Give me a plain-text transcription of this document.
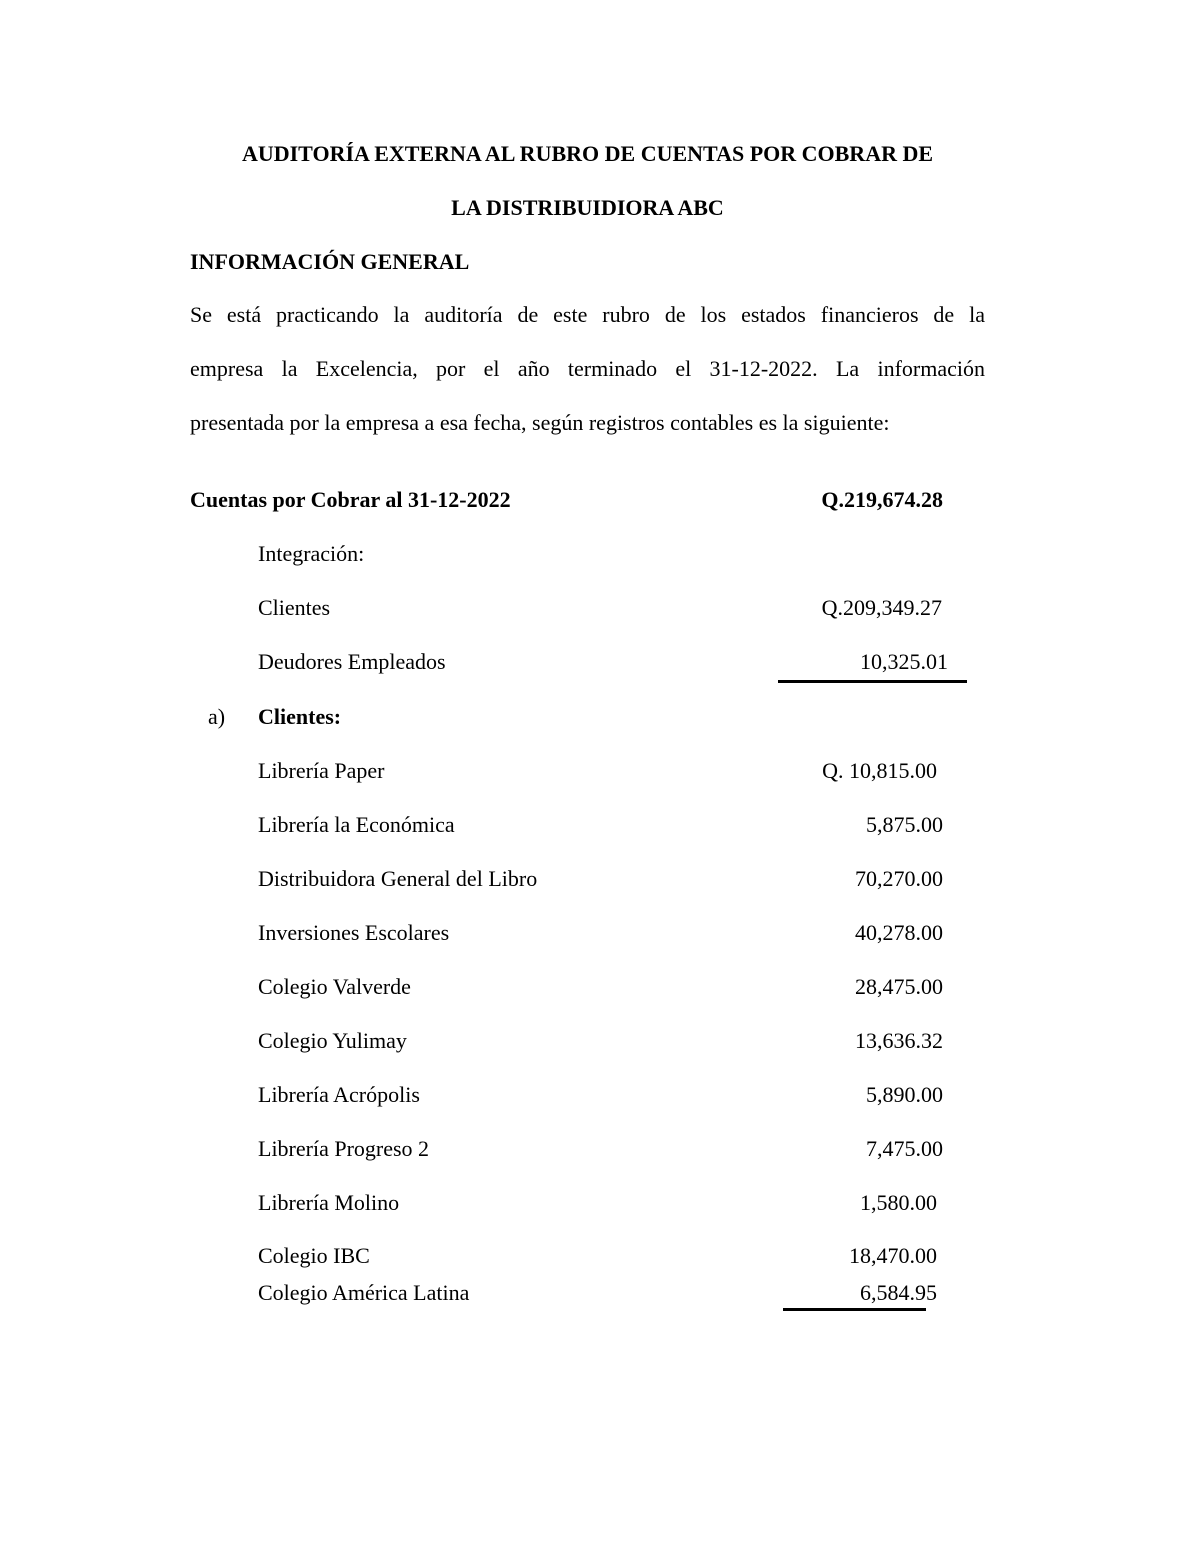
AUDITORÍA EXTERNA AL RUBRO DE CUENTAS POR COBRAR DE
LA DISTRIBUIDIORA ABC
INFORMACIÓN GENERAL
Se está practicando la auditoría de este rubro de los estados financieros de la
empresa la Excelencia, por el año terminado el 31-12-2022. La información
presentada por la empresa a esa fecha, según registros contables es la siguiente:
Cuentas por Cobrar al 31-12-2022	Q.219,674.28
Integración:
Clientes	Q.209,349.27
Deudores Empleados	10,325.01
a) Clientes:
Librería Paper	Q. 10,815.00
Librería la Económica	5,875.00
Distribuidora General del Libro	70,270.00
Inversiones Escolares	40,278.00
Colegio Valverde	28,475.00
Colegio Yulimay	13,636.32
Librería Acrópolis	5,890.00
Librería Progreso 2	7,475.00
Librería Molino	1,580.00
Colegio IBC	18,470.00
Colegio América Latina	6,584.95
